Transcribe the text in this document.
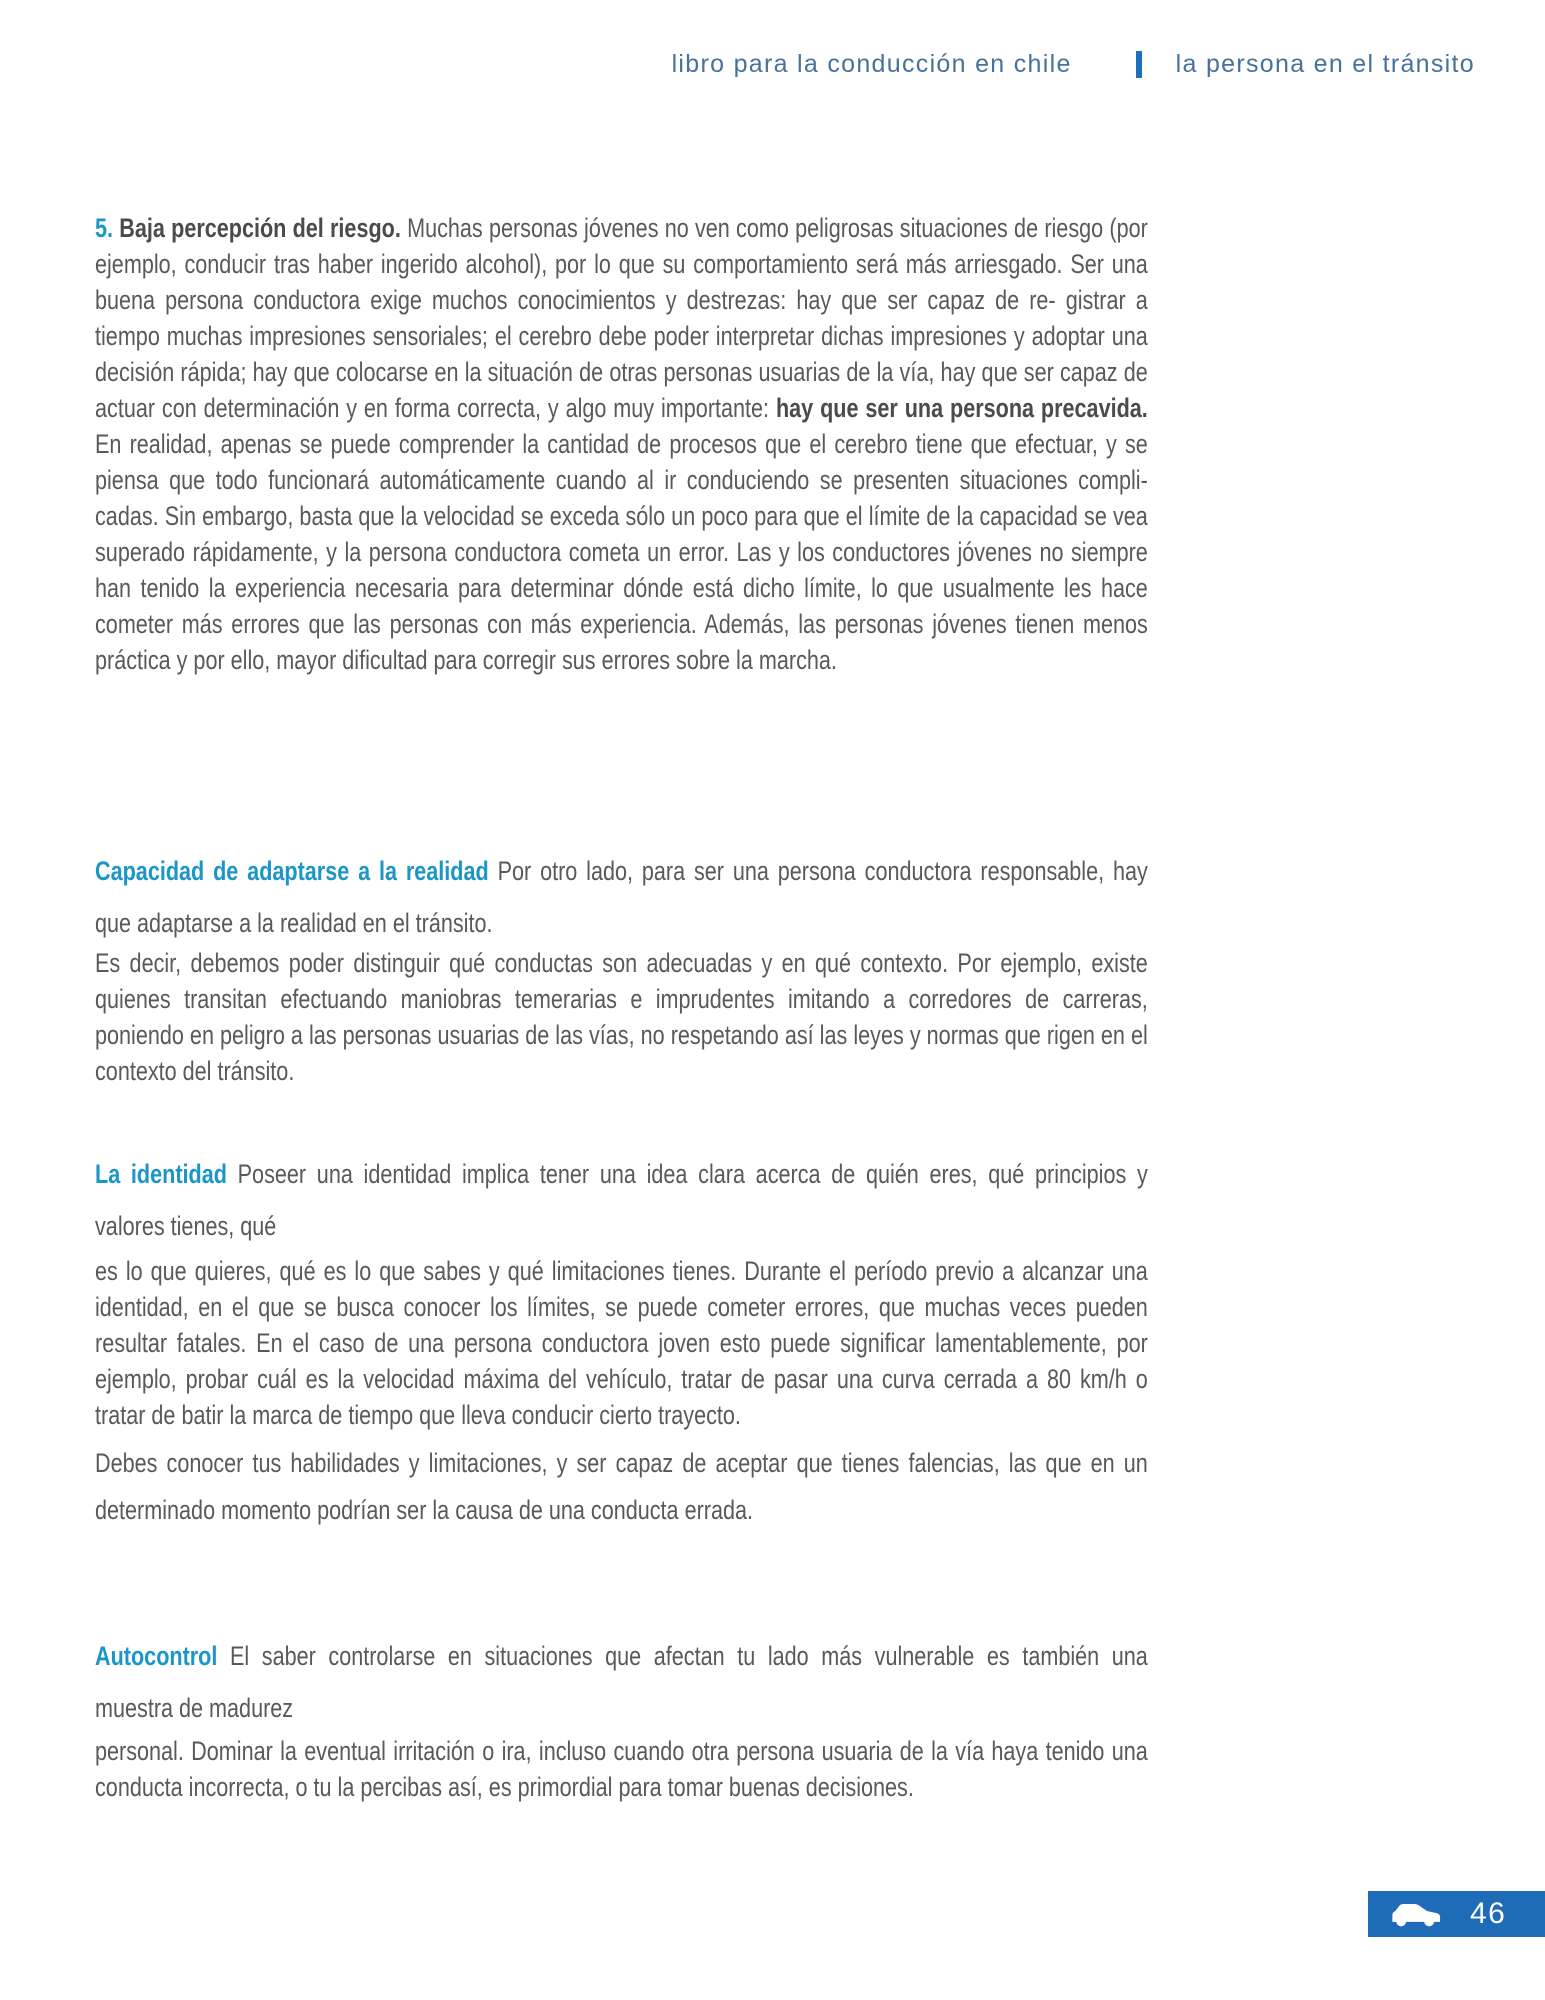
libro para la conducción en chile	la persona en el tránsito

5. Baja percepción del riesgo. Muchas personas jóvenes no ven como peligrosas situaciones de riesgo (por ejemplo, conducir tras haber ingerido alcohol), por lo que su comportamiento será más arriesgado. Ser una buena persona conductora exige muchos conocimientos y destrezas: hay que ser capaz de re- gistrar a tiempo muchas impresiones sensoriales; el cerebro debe poder interpretar dichas impresiones y adoptar una decisión rápida; hay que colocarse en la situación de otras personas usuarias de la vía, hay que ser capaz de actuar con determinación y en forma correcta, y algo muy importante: hay que ser una persona precavida. En realidad, apenas se puede comprender la cantidad de procesos que el cerebro tiene que efectuar, y se piensa que todo funcionará automáticamente cuando al ir conduciendo se presenten situaciones compli- cadas. Sin embargo, basta que la velocidad se exceda sólo un poco para que el límite de la capacidad se vea superado rápidamente, y la persona conductora cometa un error. Las y los conductores jóvenes no siempre han tenido la experiencia necesaria para determinar dónde está dicho límite, lo que usualmente les hace cometer más errores que las personas con más experiencia. Además, las personas jóvenes tienen menos práctica y por ello, mayor dificultad para corregir sus errores sobre la marcha.

Capacidad de adaptarse a la realidad Por otro lado, para ser una persona conductora responsable, hay

que adaptarse a la realidad en el tránsito.

Es decir, debemos poder distinguir qué conductas son adecuadas y en qué contexto. Por ejemplo, existe quienes transitan efectuando maniobras temerarias e imprudentes imitando a corredores de carreras, poniendo en peligro a las personas usuarias de las vías, no respetando así las leyes y normas que rigen en el contexto del tránsito.

La identidad Poseer una identidad implica tener una idea clara acerca de quién eres, qué principios y

valores tienes, qué

es lo que quieres, qué es lo que sabes y qué limitaciones tienes. Durante el período previo a alcanzar una identidad, en el que se busca conocer los límites, se puede cometer errores, que muchas veces pueden resultar fatales. En el caso de una persona conductora joven esto puede significar lamentablemente, por ejemplo, probar cuál es la velocidad máxima del vehículo, tratar de pasar una curva cerrada a 80 km/h o tratar de batir la marca de tiempo que lleva conducir cierto trayecto.

Debes conocer tus habilidades y limitaciones, y ser capaz de aceptar que tienes falencias, las que en un

determinado momento podrían ser la causa de una conducta errada.

Autocontrol El saber controlarse en situaciones que afectan tu lado más vulnerable es también una

muestra de madurez

personal. Dominar la eventual irritación o ira, incluso cuando otra persona usuaria de la vía haya tenido una conducta incorrecta, o tu la percibas así, es primordial para tomar buenas decisiones.

46
